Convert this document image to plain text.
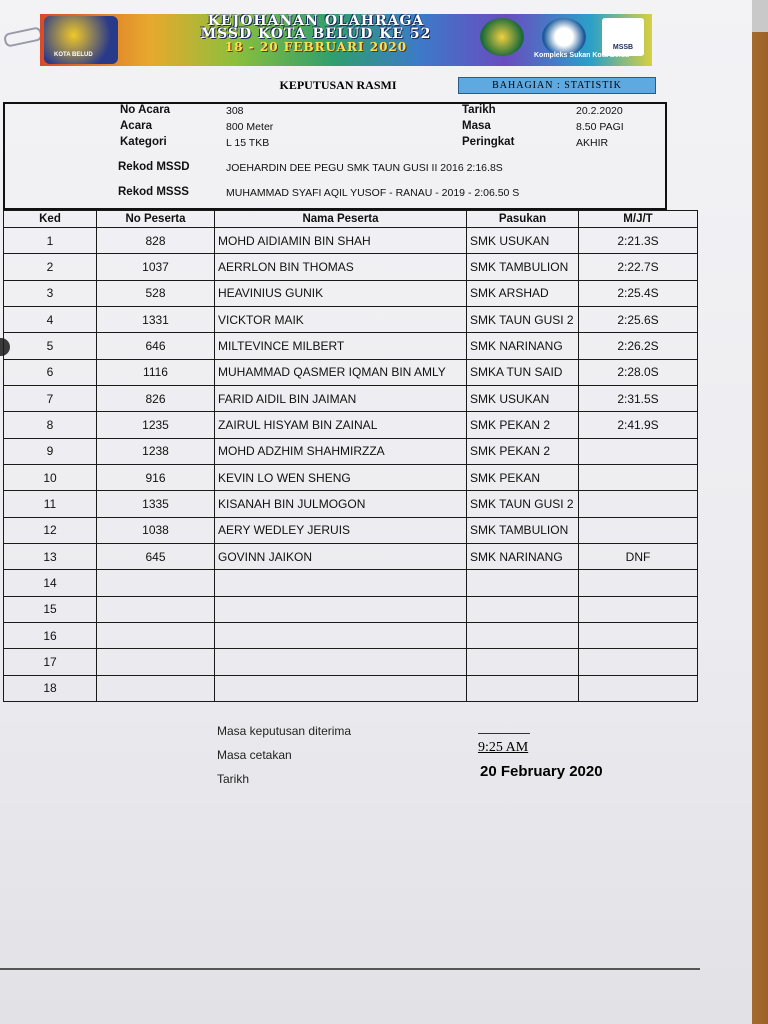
KOTA BELUD
KEJOHANAN OLAHRAGA
MSSD KOTA BELUD KE 52
18 - 20 FEBRUARI 2020	MSSB
Kompleks Sukan Kota Belud
KEPUTUSAN RASMI	BAHAGIAN : STATISTIK
No Acara	308
Acara	800 Meter
Kategori	L 15 TKB
Tarikh	20.2.2020
Masa	8.50 PAGI
Peringkat	AKHIR
Rekod MSSD	JOEHARDIN DEE PEGU SMK TAUN GUSI II 2016 2:16.8S
Rekod MSSS	MUHAMMAD SYAFI AQIL YUSOF - RANAU - 2019 - 2:06.50 S
Ked	No Peserta	Nama Peserta	Pasukan	M/J/T
1	828	MOHD AIDIAMIN BIN SHAH	SMK USUKAN	2:21.3S
2	1037	AERRLON BIN THOMAS	SMK TAMBULION	2:22.7S
3	528	HEAVINIUS GUNIK	SMK ARSHAD	2:25.4S
4	1331	VICKTOR MAIK	SMK TAUN GUSI 2	2:25.6S
5	646	MILTEVINCE MILBERT	SMK NARINANG	2:26.2S
6	1116	MUHAMMAD QASMER IQMAN BIN AMLY	SMKA TUN SAID	2:28.0S
7	826	FARID AIDIL BIN JAIMAN	SMK USUKAN	2:31.5S
8	1235	ZAIRUL HISYAM BIN ZAINAL	SMK PEKAN 2	2:41.9S
9	1238	MOHD ADZHIM SHAHMIRZZA	SMK PEKAN 2	
10	916	KEVIN LO WEN SHENG	SMK PEKAN	
11	1335	KISANAH BIN JULMOGON	SMK TAUN GUSI 2	
12	1038	AERY WEDLEY JERUIS	SMK TAMBULION	
13	645	GOVINN JAIKON	SMK NARINANG	DNF
14				
15				
16				
17				
18				
Masa keputusan diterima
Masa cetakan
Tarikh
9:25 AM
20 February 2020
